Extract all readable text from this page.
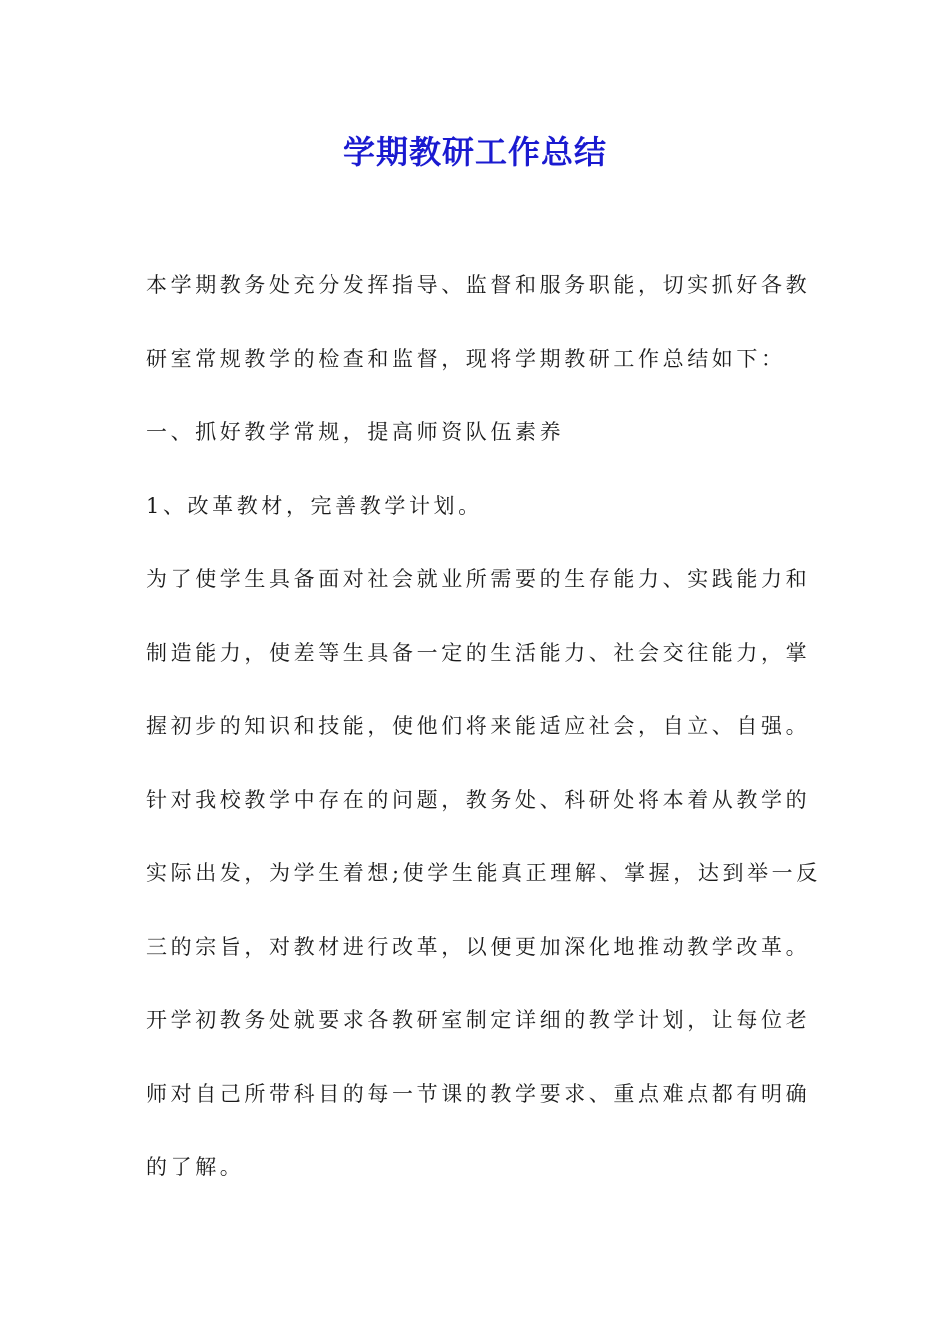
学期教研工作总结
本学期教务处充分发挥指导、监督和服务职能，切实抓好各教
研室常规教学的检查和监督，现将学期教研工作总结如下：
一、抓好教学常规，提高师资队伍素养
1、改革教材，完善教学计划。
为了使学生具备面对社会就业所需要的生存能力、实践能力和
制造能力，使差等生具备一定的生活能力、社会交往能力，掌
握初步的知识和技能，使他们将来能适应社会，自立、自强。
针对我校教学中存在的问题，教务处、科研处将本着从教学的
实际出发，为学生着想;使学生能真正理解、掌握，达到举一反
三的宗旨，对教材进行改革，以便更加深化地推动教学改革。
开学初教务处就要求各教研室制定详细的教学计划，让每位老
师对自己所带科目的每一节课的教学要求、重点难点都有明确
的了解。
